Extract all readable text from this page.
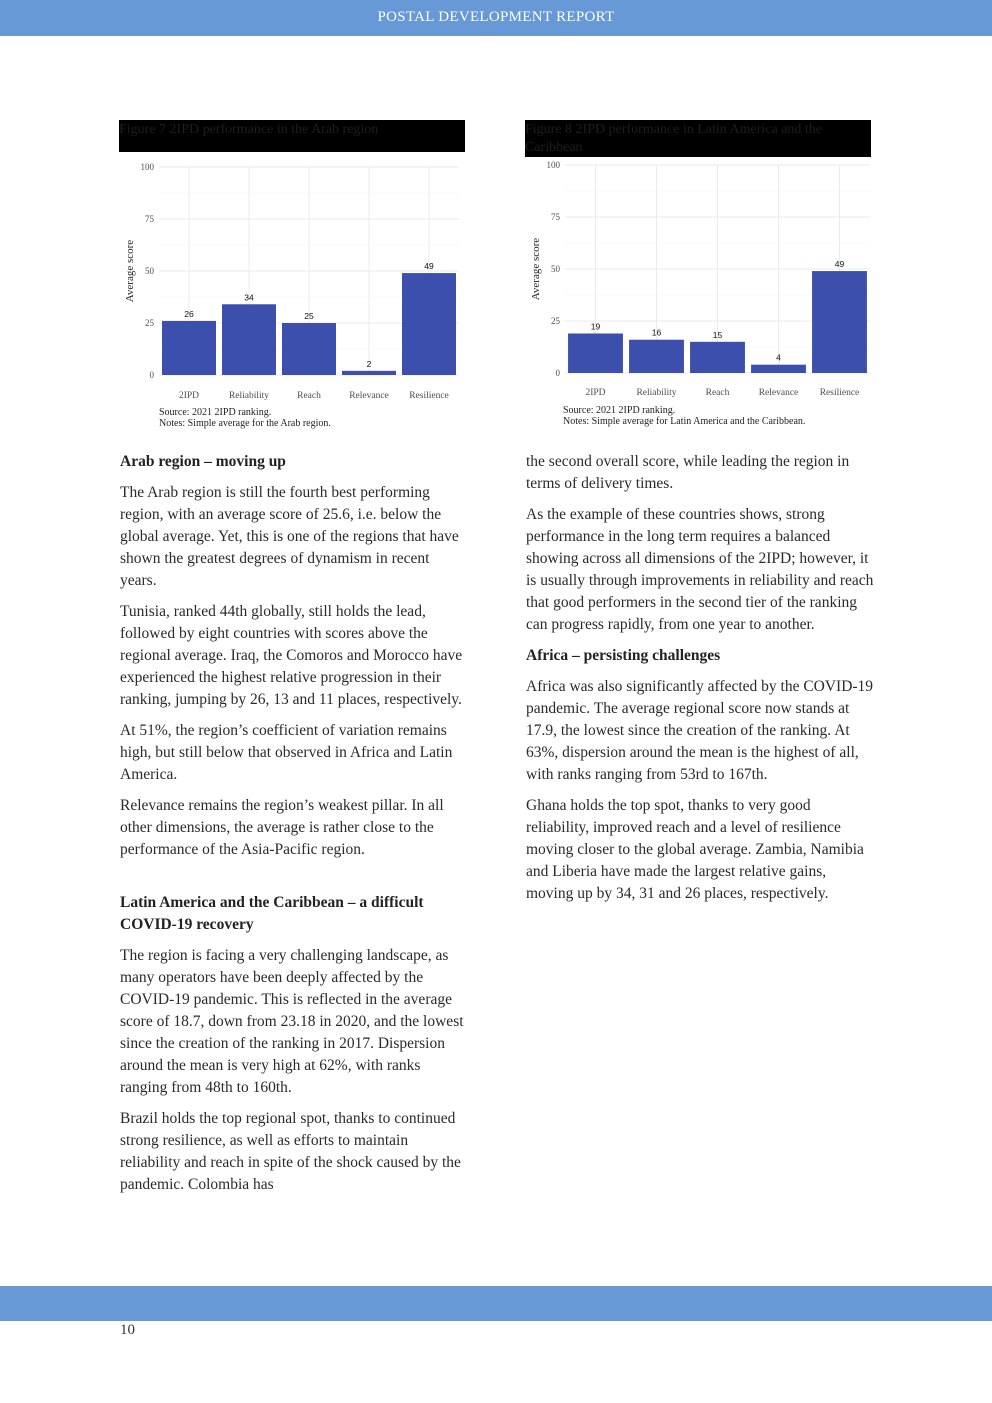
POSTAL DEVELOPMENT REPORT
Figure 7 2IPD performance in the Arab region
0
25
50
75
100
Average score
26
2IPD
34
Reliability
25
Reach
2
Relevance
49
Resilience
Source: 2021 2IPD ranking.
Notes: Simple average for the Arab region.
Figure 8 2IPD performance in Latin America and the Caribbean
0
25
50
75
100
Average score
19
2IPD
16
Reliability
15
Reach
4
Relevance
49
Resilience
Source: 2021 2IPD ranking.
Notes: Simple average for Latin America and the Caribbean.
Arab region – moving up

The Arab region is still the fourth best performing region, with an average score of 25.6, i.e. below the global average. Yet, this is one of the regions that have shown the greatest degrees of dynamism in recent years.

Tunisia, ranked 44th globally, still holds the lead, followed by eight countries with scores above the regional average. Iraq, the Comoros and Morocco have experienced the highest relative progression in their ranking, jumping by 26, 13 and 11 places, respectively.

At 51%, the region’s coefficient of variation remains high, but still below that observed in Africa and Latin America.

Relevance remains the region’s weakest pillar. In all other dimensions, the average is rather close to the performance of the Asia-Pacific region.

Latin America and the Caribbean – a difficult COVID-19 recovery

The region is facing a very challenging landscape, as many operators have been deeply affected by the COVID-19 pandemic. This is reflected in the average score of 18.7, down from 23.18 in 2020, and the lowest since the creation of the ranking in 2017. Dispersion around the mean is very high at 62%, with ranks ranging from 48th to 160th.

Brazil holds the top regional spot, thanks to continued strong resilience, as well as efforts to maintain reliability and reach in spite of the shock caused by the pandemic. Colombia has

the second overall score, while leading the region in terms of delivery times.

As the example of these countries shows, strong performance in the long term requires a balanced showing across all dimensions of the 2IPD; however, it is usually through improvements in reliability and reach that good performers in the second tier of the ranking can progress rapidly, from one year to another.

Africa – persisting challenges

Africa was also significantly affected by the COVID-19 pandemic. The average regional score now stands at 17.9, the lowest since the creation of the ranking. At 63%, dispersion around the mean is the highest of all, with ranks ranging from 53rd to 167th.

Ghana holds the top spot, thanks to very good reliability, improved reach and a level of resilience moving closer to the global average. Zambia, Namibia and Liberia have made the largest relative gains, moving up by 34, 31 and 26 places, respectively.

10
